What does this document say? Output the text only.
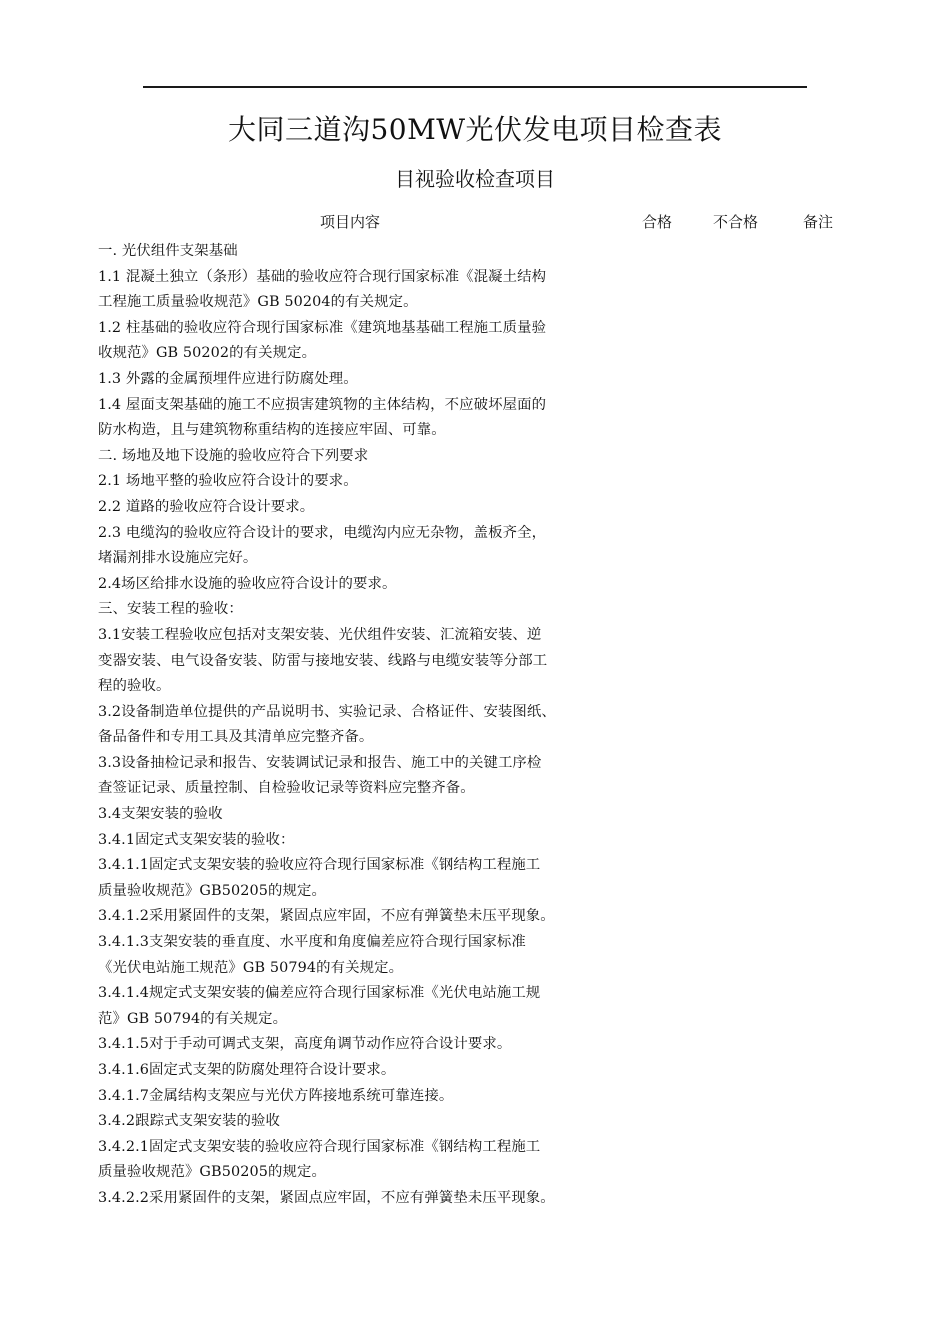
大同三道沟50MW光伏发电项目检查表
目视验收检查项目
项目内容	合格	不合格	备注
一. 光伏组件支架基础
1.1 混凝土独立（条形）基础的验收应符合现行国家标准《混凝土结构
工程施工质量验收规范》GB 50204的有关规定。
1.2 柱基础的验收应符合现行国家标准《建筑地基基础工程施工质量验
收规范》GB 50202的有关规定。
1.3 外露的金属预埋件应进行防腐处理。
1.4 屋面支架基础的施工不应损害建筑物的主体结构，不应破坏屋面的
防水构造，且与建筑物称重结构的连接应牢固、可靠。
二. 场地及地下设施的验收应符合下列要求
2.1 场地平整的验收应符合设计的要求。
2.2 道路的验收应符合设计要求。
2.3 电缆沟的验收应符合设计的要求，电缆沟内应无杂物，盖板齐全，
堵漏剂排水设施应完好。
2.4场区给排水设施的验收应符合设计的要求。
三、安装工程的验收：
3.1安装工程验收应包括对支架安装、光伏组件安装、汇流箱安装、逆
变器安装、电气设备安装、防雷与接地安装、线路与电缆安装等分部工
程的验收。
3.2设备制造单位提供的产品说明书、实验记录、合格证件、安装图纸、
备品备件和专用工具及其清单应完整齐备。
3.3设备抽检记录和报告、安装调试记录和报告、施工中的关键工序检
查签证记录、质量控制、自检验收记录等资料应完整齐备。
3.4支架安装的验收
3.4.1固定式支架安装的验收：
3.4.1.1固定式支架安装的验收应符合现行国家标准《钢结构工程施工
质量验收规范》GB50205的规定。
3.4.1.2采用紧固件的支架，紧固点应牢固，不应有弹簧垫未压平现象。
3.4.1.3支架安装的垂直度、水平度和角度偏差应符合现行国家标准
《光伏电站施工规范》GB 50794的有关规定。
3.4.1.4规定式支架安装的偏差应符合现行国家标准《光伏电站施工规
范》GB 50794的有关规定。
3.4.1.5对于手动可调式支架，高度角调节动作应符合设计要求。
3.4.1.6固定式支架的防腐处理符合设计要求。
3.4.1.7金属结构支架应与光伏方阵接地系统可靠连接。
3.4.2跟踪式支架安装的验收
3.4.2.1固定式支架安装的验收应符合现行国家标准《钢结构工程施工
质量验收规范》GB50205的规定。
3.4.2.2采用紧固件的支架，紧固点应牢固，不应有弹簧垫未压平现象。
